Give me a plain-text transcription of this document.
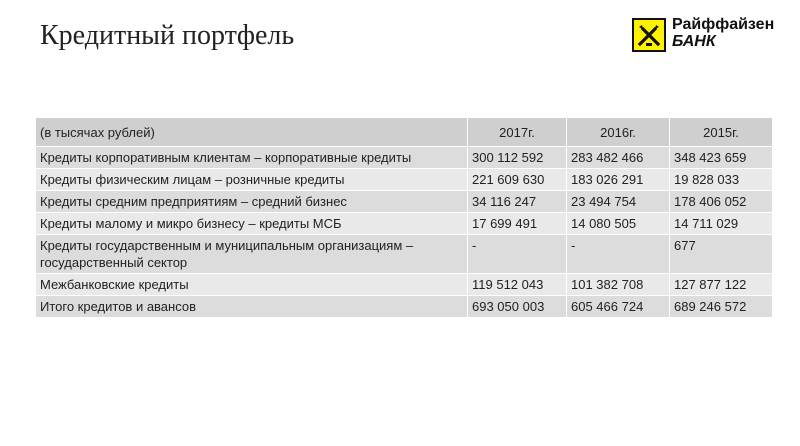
Кредитный портфель	Райффайзен
БАНК
(в тысячах рублей)	2017г.	2016г.	2015г.
Кредиты корпоративным клиентам – корпоративные кредиты	300 112 592	283 482 466	348 423 659
Кредиты физическим лицам – розничные кредиты	221 609 630	183 026 291	19 828 033
Кредиты средним предприятиям – средний бизнес	34 116 247	23 494 754	178 406 052
Кредиты малому и микро бизнесу – кредиты МСБ	17 699 491	14 080 505	14 711 029
Кредиты государственным и муниципальным организациям – государственный сектор	-	-	677
Межбанковские кредиты	119 512 043	101 382 708	127 877 122
Итого кредитов и авансов	693 050 003	605 466 724	689 246 572
